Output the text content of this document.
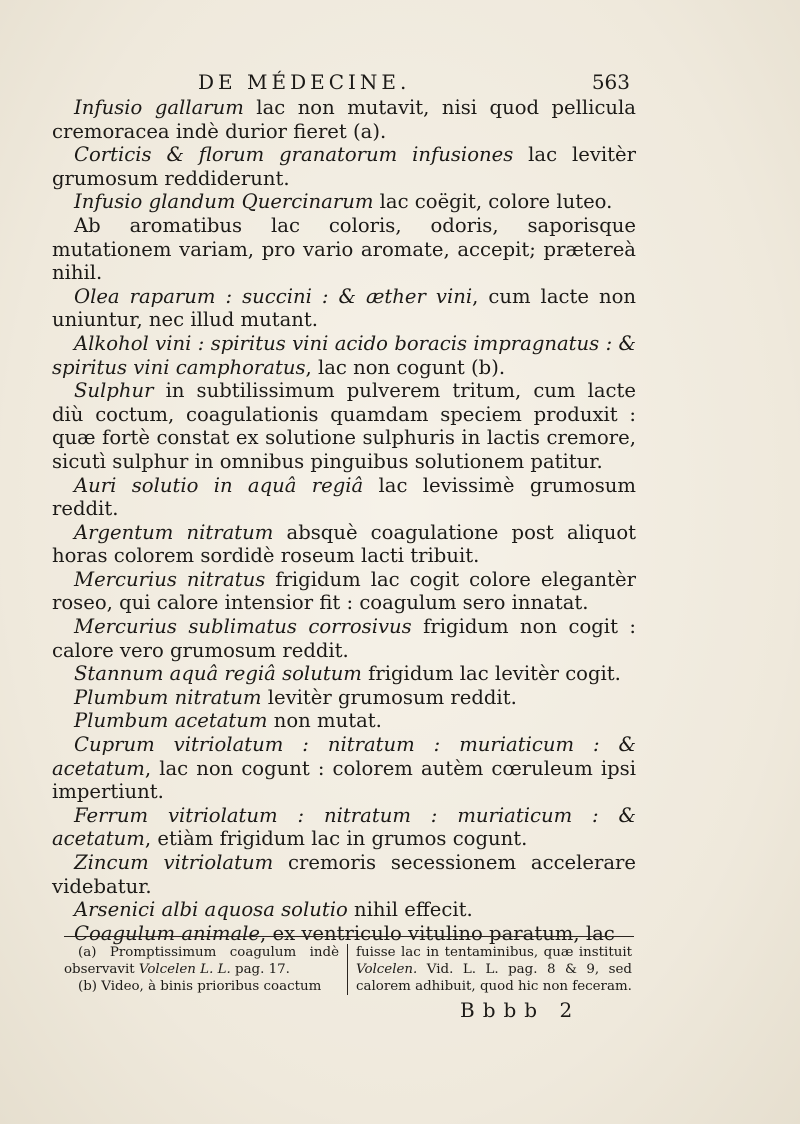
DE MÉDECINE.	563

Infusio gallarum lac non mutavit, nisi quod pellicula cremoracea indè durior fieret (a).

Corticis & florum granatorum infusiones lac levitèr grumosum reddiderunt.

Infusio glandum Quercinarum lac coëgit, colore luteo.

Ab aromatibus lac coloris, odoris, saporisque mutationem variam, pro vario aromate, accepit; prætereà nihil.

Olea raparum : succini : & æther vini, cum lacte non uniuntur, nec illud mutant.

Alkohol vini : spiritus vini acido boracis impragnatus : & spiritus vini camphoratus, lac non cogunt (b).

Sulphur in subtilissimum pulverem tritum, cum lacte diù coctum, coagulationis quamdam speciem produxit : quæ fortè constat ex solutione sulphuris in lactis cremore, sicutì sulphur in omnibus pinguibus solutionem patitur.

Auri solutio in aquâ regiâ lac levissimè grumosum reddit.

Argentum nitratum absquè coagulatione post aliquot horas colorem sordidè roseum lacti tribuit.

Mercurius nitratus frigidum lac cogit colore elegantèr roseo, qui calore intensior fit : coagulum sero innatat.

Mercurius sublimatus corrosivus frigidum non cogit : calore vero grumosum reddit.

Stannum aquâ regiâ solutum frigidum lac levitèr cogit.

Plumbum nitratum levitèr grumosum reddit.

Plumbum acetatum non mutat.

Cuprum vitriolatum : nitratum : muriaticum : & acetatum, lac non cogunt : colorem autèm cœruleum ipsi impertiunt.

Ferrum vitriolatum : nitratum : muriaticum : & acetatum, etiàm frigidum lac in grumos cogunt.

Zincum vitriolatum cremoris secessionem accelerare videbatur.

Arsenici albi aquosa solutio nihil effecit.

Coagulum animale, ex ventriculo vitulino paratum, lac

(a) Promptissimum coagulum indè observavit Volcelen L. L. pag. 17.

(b) Video, à binis prioribus coactum

fuisse lac in tentaminibus, quæ instituit Volcelen. Vid. L. L. pag. 8 & 9, sed calorem adhibuit, quod hic non feceram.

Bbbb 2
